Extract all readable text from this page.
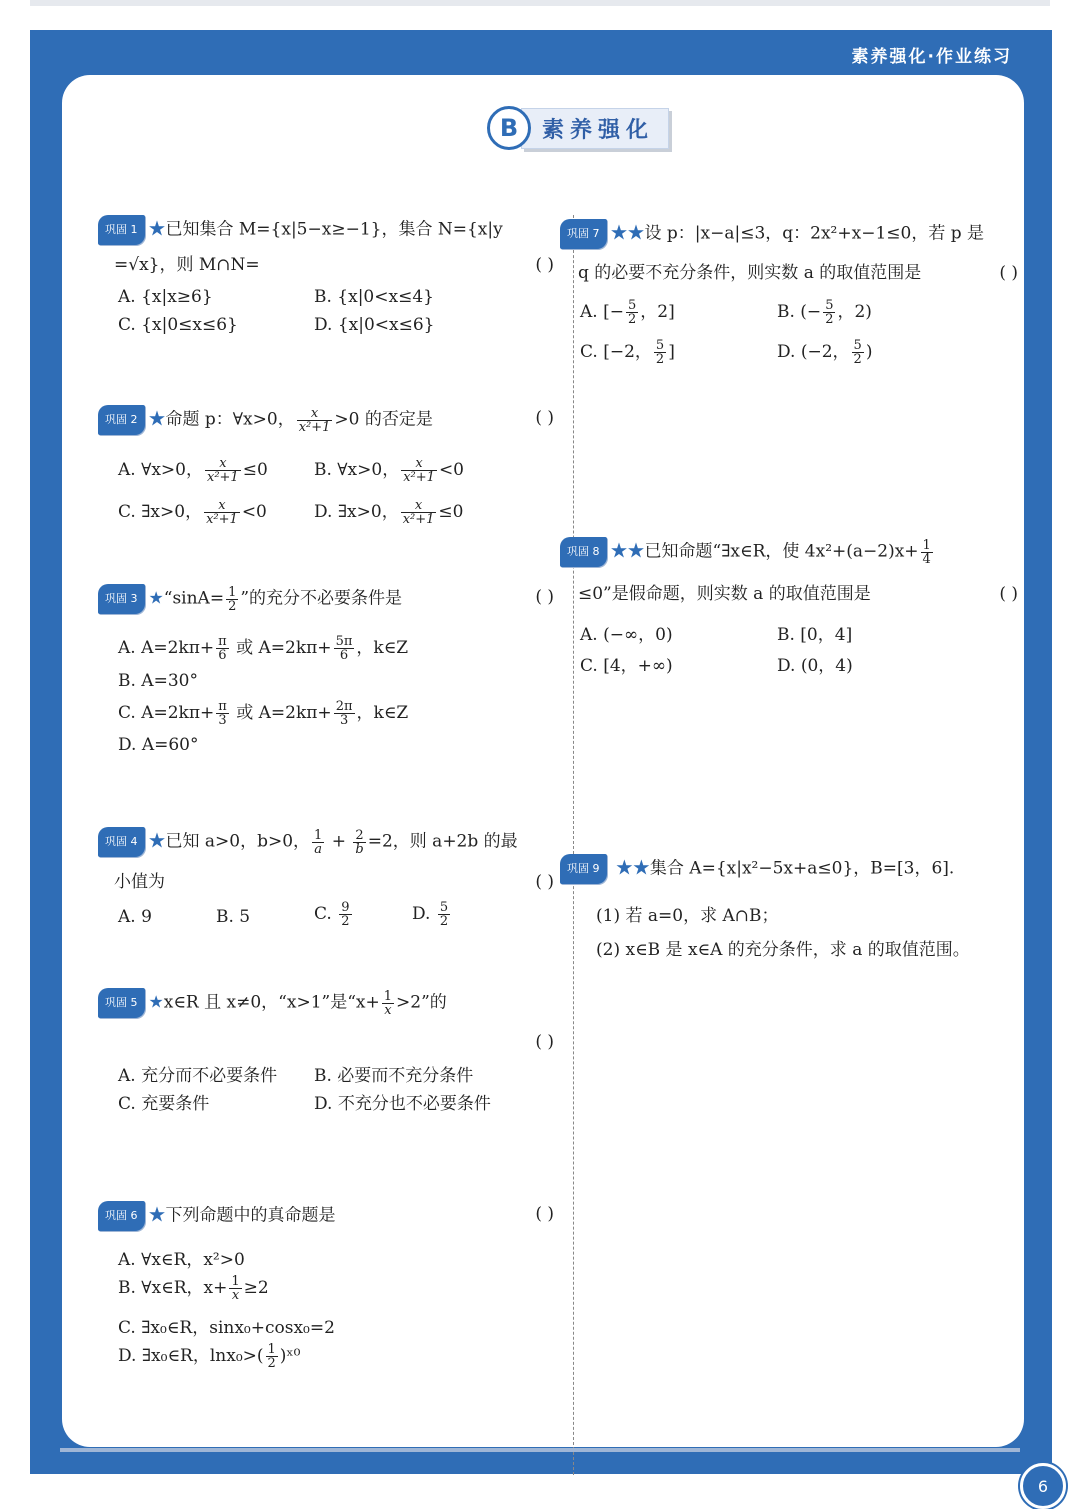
素养强化·作业练习
B	素养强化
巩固 1 ★已知集合 M={x|5−x≥−1}，集合 N={x|y
=√x}，则 M∩N=	( )
A. {x|x≥6}	B. {x|0<x≤4}
C. {x|0≤x≤6}	D. {x|0<x≤6}
巩固 2 ★命题 p：∀x>0， $\frac{x}{\text{x²+1}} >0$ 的否定是	( )
A. ∀x>0， $\frac{x}{\text{x²+1}} \le 0$	B. ∀x>0， $\frac{x}{\text{x²+1}} <0$
C. ∃x>0， $\frac{x}{\text{x²+1}} <0$	D. ∃x>0， $\frac{x}{\text{x²+1}} \le 0$
巩固 3 ★“sinA= $\frac{1}{2}$ ”的充分不必要条件是	( )
A. $A=2k\pi+ \frac{\pi}{6}$ 或 $A=2k\pi+ \frac{5\pi}{6}$ ，k∈Z
B. A=30°
C. $A=2k\pi+ \frac{\pi}{3}$ 或 $A=2k\pi+ \frac{2\pi}{3}$ ，k∈Z
D. A=60°
巩固 4 ★已知 a>0，b>0， $\frac{1}{a} + \frac{2}{b} =2$，则 a+2b 的最
小值为	( )
A. 9	B. 5	C. $\frac{9}{2}$	D. $\frac{5}{2}$
巩固 5 ★x∈R 且 x≠0，“x>1”是“$x+ \frac{1}{x} >2$”的
( )
A. 充分而不必要条件 B. 必要而不充分条件
C. 充要条件	D. 不充分也不必要条件
巩固 6 ★下列命题中的真命题是	( )
A. ∀x∈R，x²>0
B. ∀x∈R，$x+ \frac{1}{x} \ge 2$
C. ∃x₀∈R，sinx₀+cosx₀=2
D. ∃x₀∈R，$\ln x_0>( \frac{1}{2}$ )ˣ⁰
巩固 7 ★★设 p：|x−a|≤3，q：2x²+x−1≤0，若 p 是
q 的必要不充分条件，则实数 a 的取值范围是	( )
A. [− $\frac{5}{2}$ ，2]	B. (− $\frac{5}{2}$ ，2)
C. [−2， $\frac{5}{2}$ ]	D. (−2， $\frac{5}{2}$ )
巩固 8 ★★已知命题“∃x∈R，使 $4x^2+(a-2)x+ \frac{1}{4}$
≤0”是假命题，则实数 a 的取值范围是	( )
A. (−∞，0)	B. [0，4]
C. [4，+∞)	D. (0，4)
巩固 9 ★★集合 A={x|x²−5x+a≤0}，B=[3，6].
(1) 若 a=0，求 A∩B；
(2) x∈B 是 x∈A 的充分条件，求 a 的取值范围。
6
